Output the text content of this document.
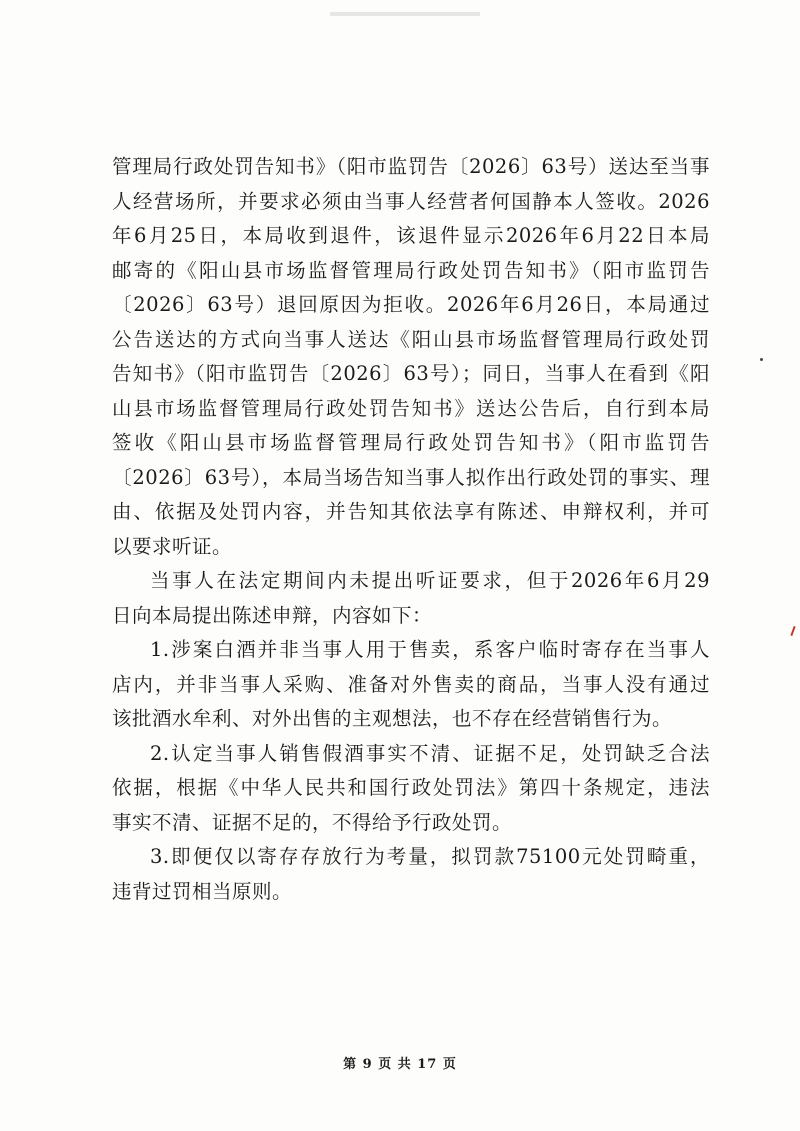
管理局行政处罚告知书》（阳市监罚告〔2026〕63号）送达至当事
人经营场所，并要求必须由当事人经营者何国静本人签收。2026
年6月25日，本局收到退件，该退件显示2026年6月22日本局
邮寄的《阳山县市场监督管理局行政处罚告知书》（阳市监罚告
〔2026〕63号）退回原因为拒收。2026年6月26日，本局通过
公告送达的方式向当事人送达《阳山县市场监督管理局行政处罚
告知书》（阳市监罚告〔2026〕63号）；同日，当事人在看到《阳
山县市场监督管理局行政处罚告知书》送达公告后，自行到本局
签收《阳山县市场监督管理局行政处罚告知书》（阳市监罚告
〔2026〕63号），本局当场告知当事人拟作出行政处罚的事实、理
由、依据及处罚内容，并告知其依法享有陈述、申辩权利，并可
以要求听证。
当事人在法定期间内未提出听证要求，但于2026年6月29
日向本局提出陈述申辩，内容如下：
1.涉案白酒并非当事人用于售卖，系客户临时寄存在当事人
店内，并非当事人采购、准备对外售卖的商品，当事人没有通过
该批酒水牟利、对外出售的主观想法，也不存在经营销售行为。
2.认定当事人销售假酒事实不清、证据不足，处罚缺乏合法
依据，根据《中华人民共和国行政处罚法》第四十条规定，违法
事实不清、证据不足的，不得给予行政处罚。
3.即便仅以寄存存放行为考量，拟罚款75100元处罚畸重，
违背过罚相当原则。
第 9 页 共 17 页
